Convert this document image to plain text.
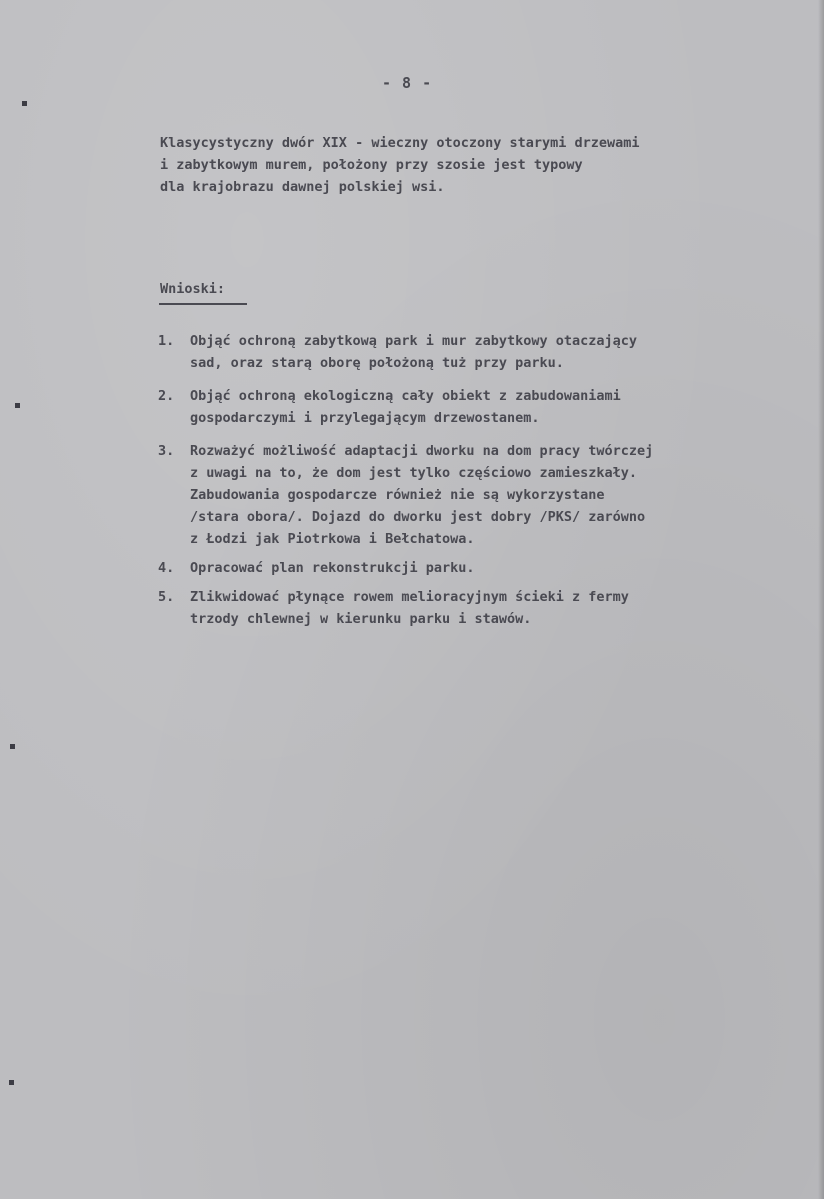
- 8 -
Klasycystyczny dwór XIX - wieczny otoczony starymi drzewami
i zabytkowym murem, położony przy szosie jest typowy
dla krajobrazu dawnej polskiej wsi.
Wnioski:
1.	Objąć ochroną zabytkową park i mur zabytkowy otaczający
sad, oraz starą oborę położoną tuż przy parku.
2.	Objąć ochroną ekologiczną cały obiekt z zabudowaniami
gospodarczymi i przylegającym drzewostanem.
3.	Rozważyć możliwość adaptacji dworku na dom pracy twórczej
z uwagi na to, że dom jest tylko częściowo zamieszkały.
Zabudowania gospodarcze również nie są wykorzystane
/stara obora/. Dojazd do dworku jest dobry /PKS/ zarówno
z Łodzi jak Piotrkowa i Bełchatowa.
4.	Opracować plan rekonstrukcji parku.
5.	Zlikwidować płynące rowem melioracyjnym ścieki z fermy
trzody chlewnej w kierunku parku i stawów.
